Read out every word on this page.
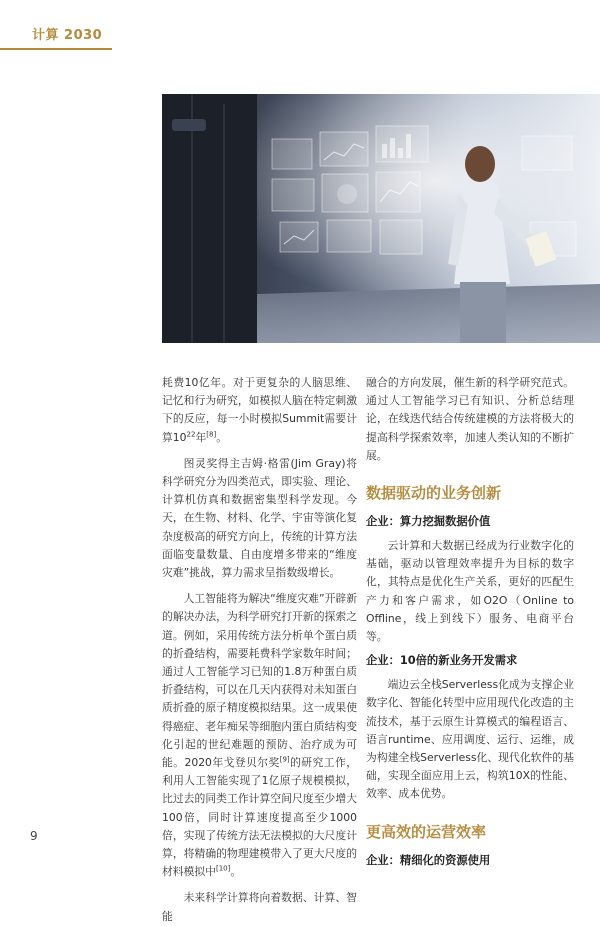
计算 2030

耗费10亿年。对于更复杂的人脑思维、记忆和行为研究，如模拟人脑在特定刺激下的反应，每一小时模拟Summit需要计算$10^{22}$年[8]。

图灵奖得主吉姆·格雷(Jim Gray)将科学研究分为四类范式，即实验、理论、计算机仿真和数据密集型科学发现。今天，在生物、材料、化学、宇宙等演化复杂度极高的研究方向上，传统的计算方法面临变量数量、自由度增多带来的“维度灾难”挑战，算力需求呈指数级增长。

人工智能将为解决“维度灾难”开辟新的解决办法，为科学研究打开新的探索之道。例如，采用传统方法分析单个蛋白质的折叠结构，需要耗费科学家数年时间；通过人工智能学习已知的1.8万种蛋白质折叠结构，可以在几天内获得对未知蛋白质折叠的原子精度模拟结果。这一成果使得癌症、老年痴呆等细胞内蛋白质结构变化引起的世纪难题的预防、治疗成为可能。2020年戈登贝尔奖[9]的研究工作，利用人工智能实现了1亿原子规模模拟，比过去的同类工作计算空间尺度至少增大100倍，同时计算速度提高至少1000倍，实现了传统方法无法模拟的大尺度计算，将精确的物理建模带入了更大尺度的材料模拟中[10]。

未来科学计算将向着数据、计算、智能

融合的方向发展，催生新的科学研究范式。通过人工智能学习已有知识、分析总结理论，在线迭代结合传统建模的方法将极大的提高科学探索效率，加速人类认知的不断扩展。

数据驱动的业务创新
企业：算力挖掘数据价值

云计算和大数据已经成为行业数字化的基础，驱动以管理效率提升为目标的数字化，其特点是优化生产关系，更好的匹配生产力和客户需求，如O2O（Online to Offline，线上到线下）服务、电商平台等。

企业：10倍的新业务开发需求

端边云全栈Serverless化成为支撑企业数字化、智能化转型中应用现代化改造的主流技术，基于云原生计算模式的编程语言、语言runtime、应用调度、运行、运维，成为构建全栈Serverless化、现代化软件的基础，实现全面应用上云，构筑10X的性能、效率、成本优势。

更高效的运营效率
企业：精细化的资源使用
9
